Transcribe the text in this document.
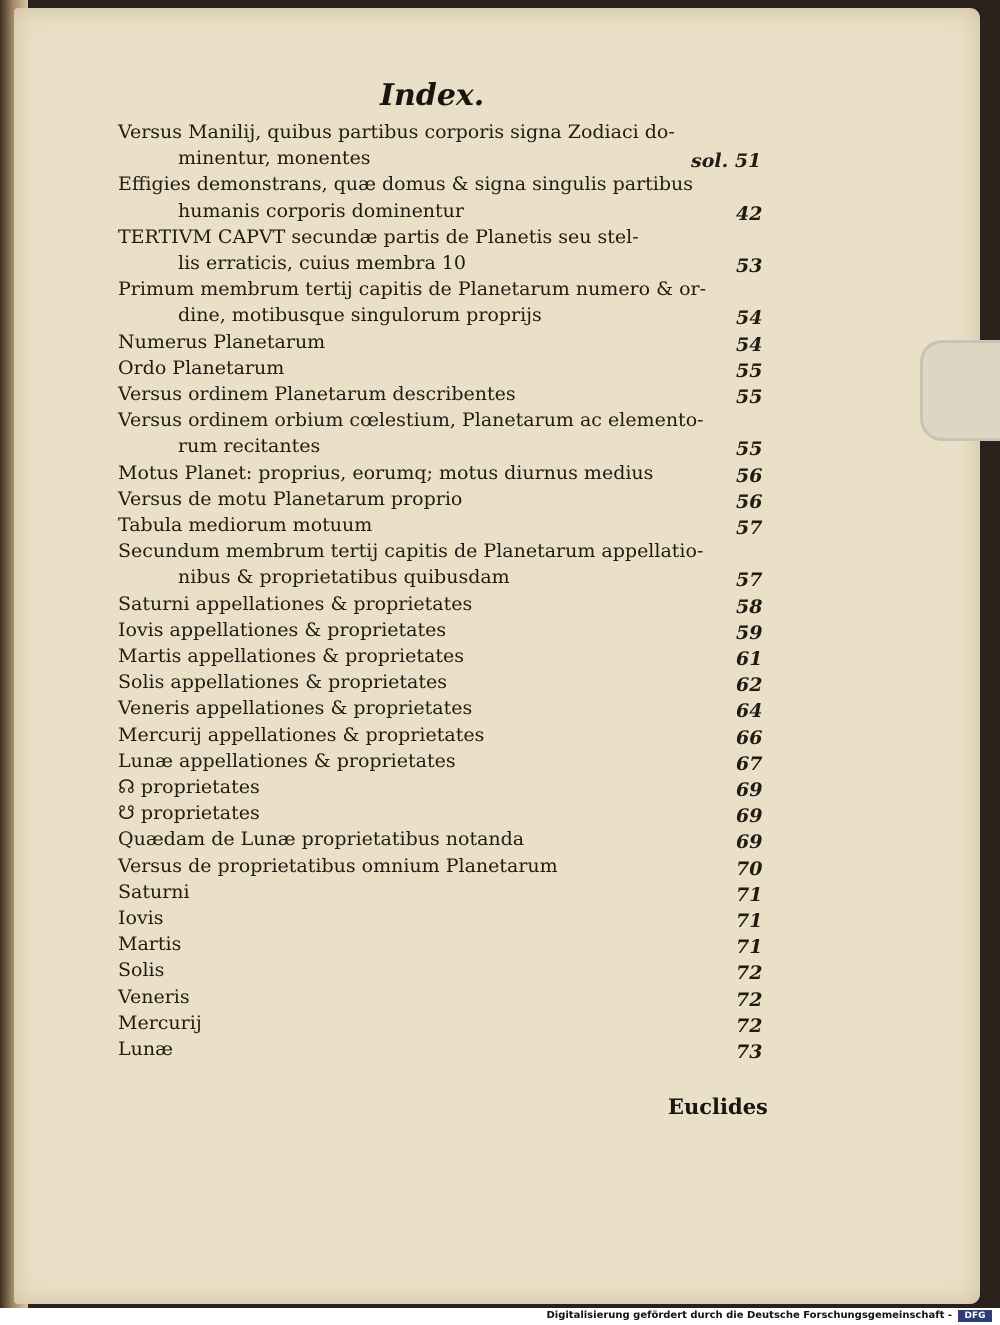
Index.
Versus Manilij, quibus partibus corporis signa Zodiaci do-
minentur, monentes	sol. 51
Effigies demonstrans, quæ domus & signa singulis partibus
humanis corporis dominentur	42
TERTIVM CAPVT secundæ partis de Planetis seu stel-
lis erraticis, cuius membra 10	53
Primum membrum tertij capitis de Planetarum numero & or-
dine, motibusque singulorum proprijs	54
Numerus Planetarum	54
Ordo Planetarum	55
Versus ordinem Planetarum describentes	55
Versus ordinem orbium cœlestium, Planetarum ac elemento-
rum recitantes	55
Motus Planet: proprius, eorumq; motus diurnus medius	56
Versus de motu Planetarum proprio	56
Tabula mediorum motuum	57
Secundum membrum tertij capitis de Planetarum appellatio-
nibus & proprietatibus quibusdam	57
Saturni appellationes & proprietates	58
Iovis appellationes & proprietates	59
Martis appellationes & proprietates	61
Solis appellationes & proprietates	62
Veneris appellationes & proprietates	64
Mercurij appellationes & proprietates	66
Lunæ appellationes & proprietates	67
☊ proprietates	69
☋ proprietates	69
Quædam de Lunæ proprietatibus notanda	69
Versus de proprietatibus omnium Planetarum	70
Saturni	71
Iovis	71
Martis	71
Solis	72
Veneris	72
Mercurij	72
Lunæ	73
Euclides
Digitalisierung gefördert durch die Deutsche Forschungsgemeinschaft -	DFG
